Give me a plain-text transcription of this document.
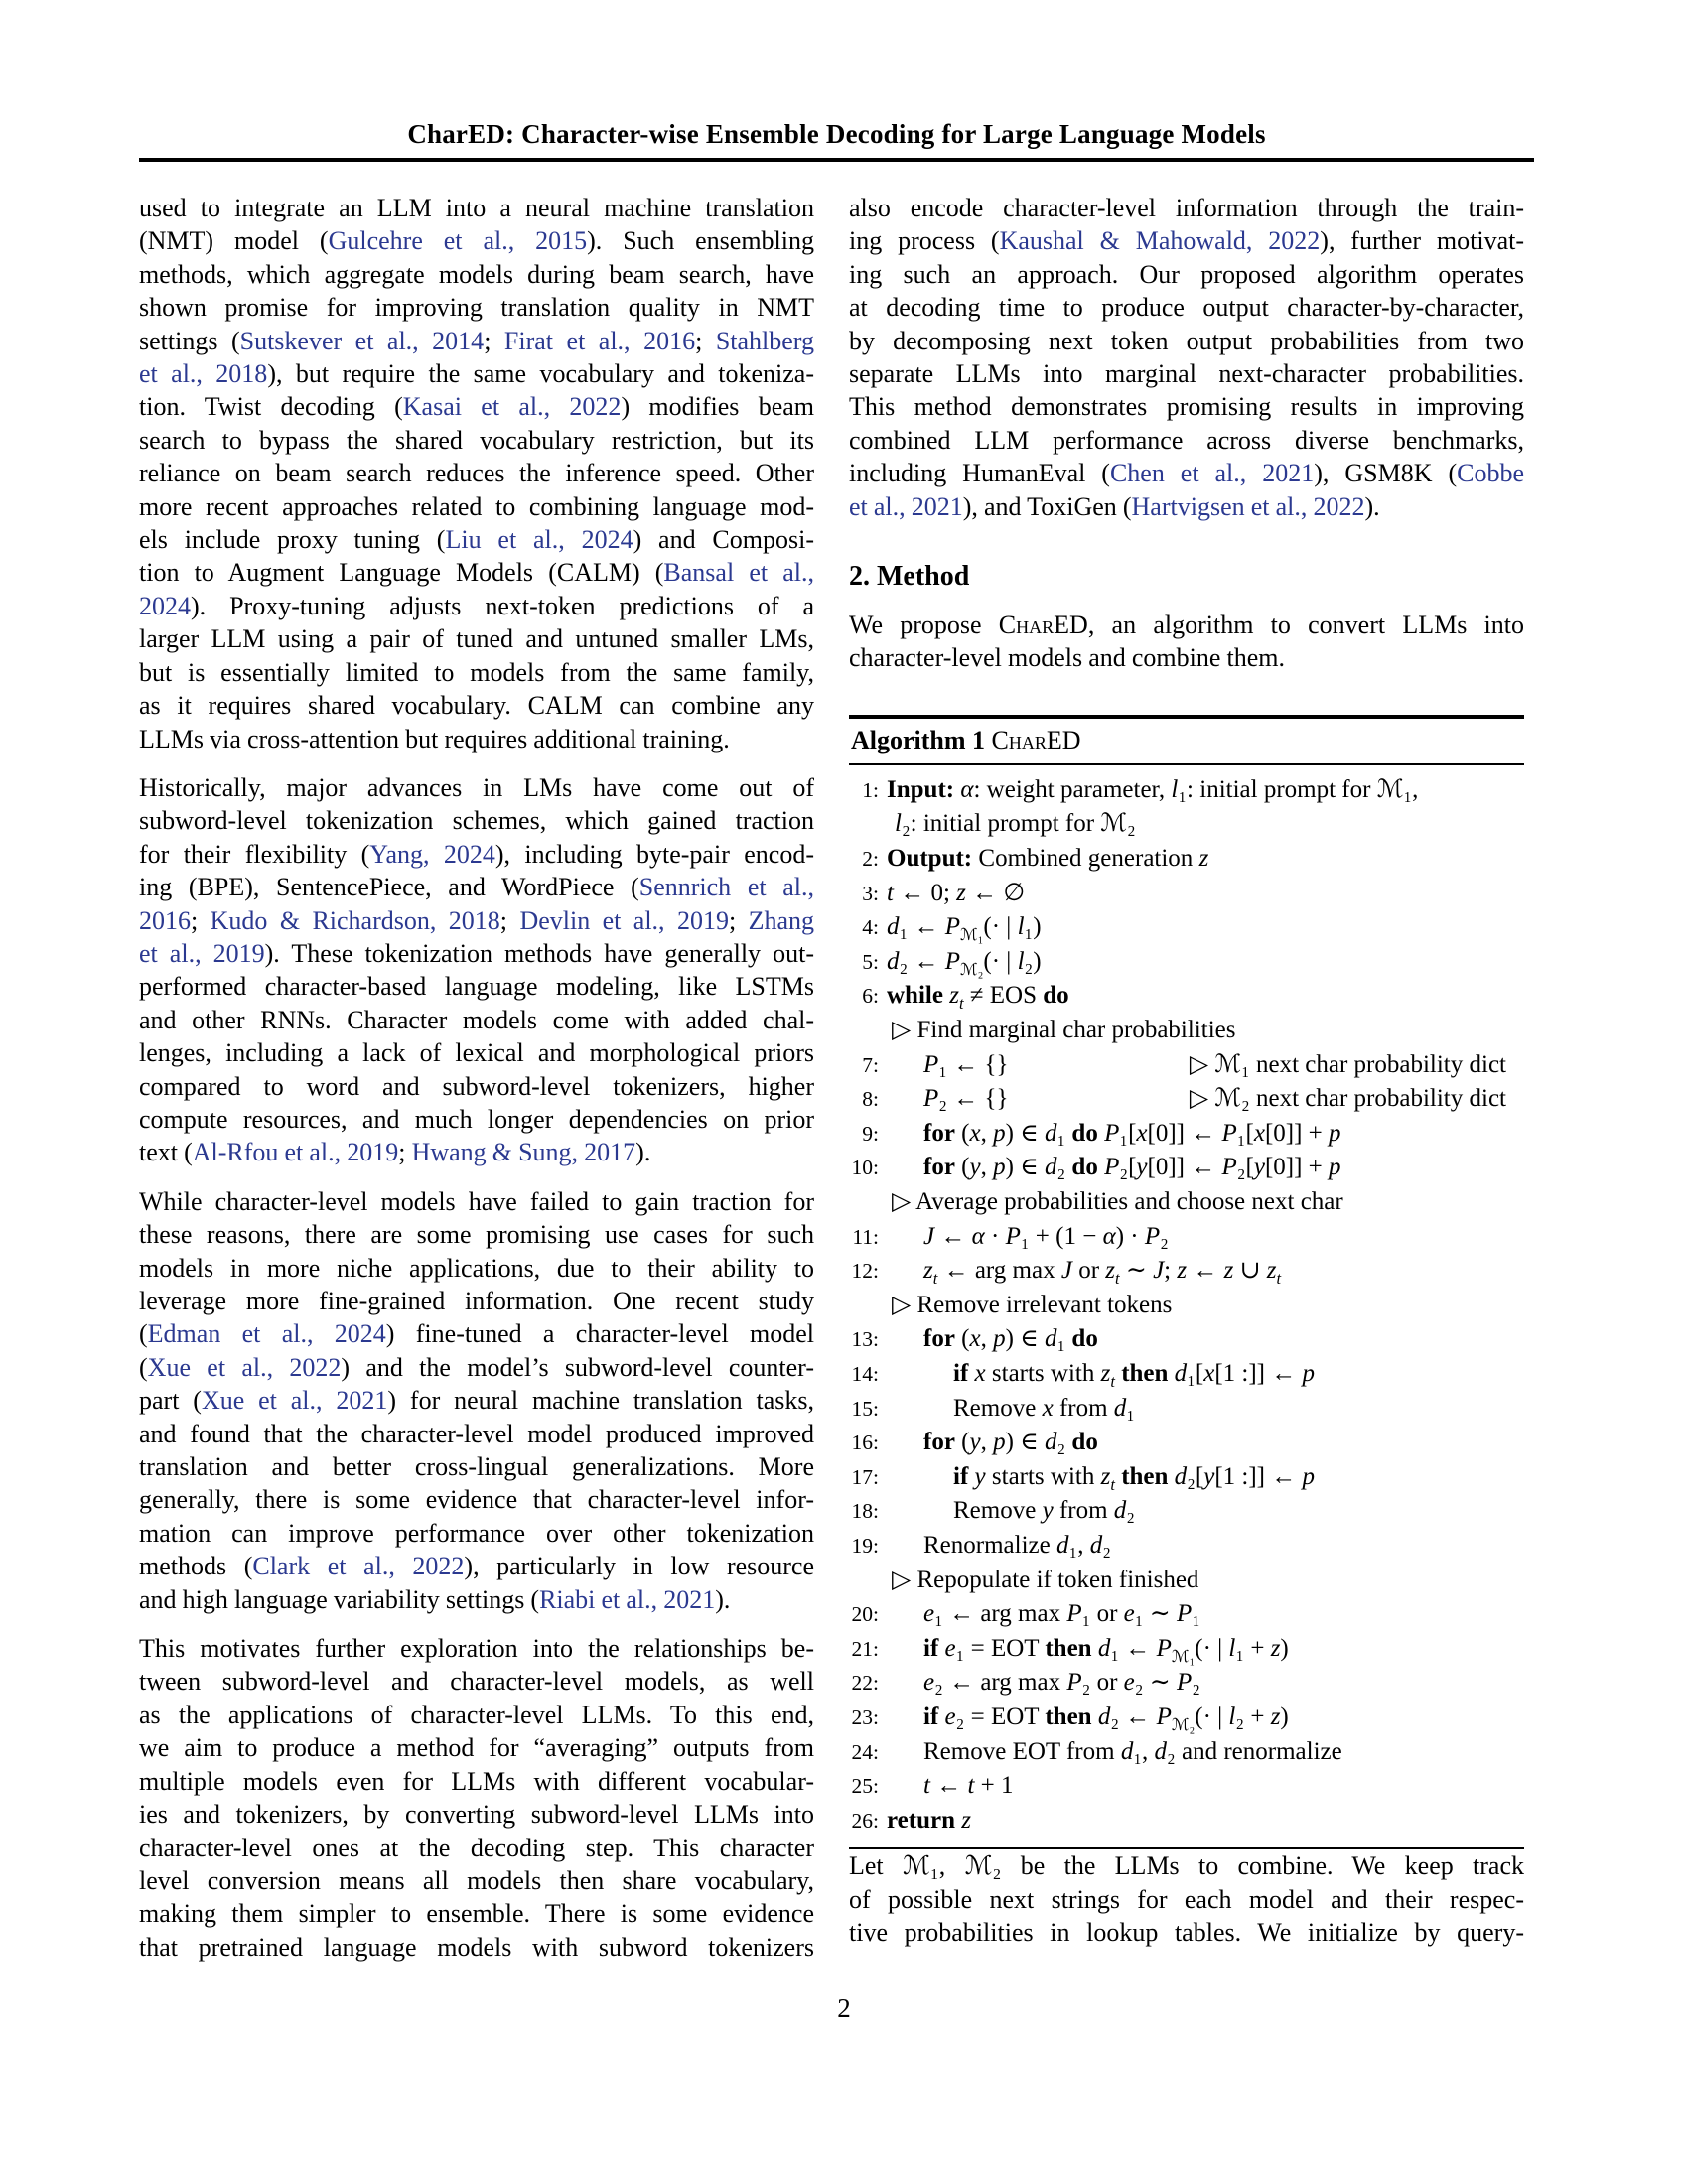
CharED: Character-wise Ensemble Decoding for Large Language Models
used to integrate an LLM into a neural machine translation
(NMT) model (Gulcehre et al., 2015). Such ensembling
methods, which aggregate models during beam search, have
shown promise for improving translation quality in NMT
settings (Sutskever et al., 2014; Firat et al., 2016; Stahlberg
et al., 2018), but require the same vocabulary and tokeniza-
tion. Twist decoding (Kasai et al., 2022) modifies beam
search to bypass the shared vocabulary restriction, but its
reliance on beam search reduces the inference speed. Other
more recent approaches related to combining language mod-
els include proxy tuning (Liu et al., 2024) and Composi-
tion to Augment Language Models (CALM) (Bansal et al.,
2024). Proxy-tuning adjusts next-token predictions of a
larger LLM using a pair of tuned and untuned smaller LMs,
but is essentially limited to models from the same family,
as it requires shared vocabulary. CALM can combine any
LLMs via cross-attention but requires additional training.
Historically, major advances in LMs have come out of
subword-level tokenization schemes, which gained traction
for their flexibility (Yang, 2024), including byte-pair encod-
ing (BPE), SentencePiece, and WordPiece (Sennrich et al.,
2016; Kudo & Richardson, 2018; Devlin et al., 2019; Zhang
et al., 2019). These tokenization methods have generally out-
performed character-based language modeling, like LSTMs
and other RNNs. Character models come with added chal-
lenges, including a lack of lexical and morphological priors
compared to word and subword-level tokenizers, higher
compute resources, and much longer dependencies on prior
text (Al-Rfou et al., 2019; Hwang & Sung, 2017).
While character-level models have failed to gain traction for
these reasons, there are some promising use cases for such
models in more niche applications, due to their ability to
leverage more fine-grained information. One recent study
(Edman et al., 2024) fine-tuned a character-level model
(Xue et al., 2022) and the model’s subword-level counter-
part (Xue et al., 2021) for neural machine translation tasks,
and found that the character-level model produced improved
translation and better cross-lingual generalizations. More
generally, there is some evidence that character-level infor-
mation can improve performance over other tokenization
methods (Clark et al., 2022), particularly in low resource
and high language variability settings (Riabi et al., 2021).
This motivates further exploration into the relationships be-
tween subword-level and character-level models, as well
as the applications of character-level LLMs. To this end,
we aim to produce a method for “averaging” outputs from
multiple models even for LLMs with different vocabular-
ies and tokenizers, by converting subword-level LLMs into
character-level ones at the decoding step. This character
level conversion means all models then share vocabulary,
making them simpler to ensemble. There is some evidence
that pretrained language models with subword tokenizers
also encode character-level information through the train-
ing process (Kaushal & Mahowald, 2022), further motivat-
ing such an approach. Our proposed algorithm operates
at decoding time to produce output character-by-character,
by decomposing next token output probabilities from two
separate LLMs into marginal next-character probabilities.
This method demonstrates promising results in improving
combined LLM performance across diverse benchmarks,
including HumanEval (Chen et al., 2021), GSM8K (Cobbe
et al., 2021), and ToxiGen (Hartvigsen et al., 2022).
2. Method
We propose CharED, an algorithm to convert LLMs into
character-level models and combine them.
Algorithm 1 CharED
1: Input: α: weight parameter, l₁: initial prompt for ℳ₁,
l ₂: initial prompt for ℳ₂
2: Output: Combined generation z
3: t ← 0; z ← ∅
4: d₁ ← $P_{ℳ_1}(\cdot$ | l₁)
5: d₂ ← $P_{ℳ_2}(\cdot$ | l₂)
6: while $z_t$ ≠ EOS do
▷ Find marginal char probabilities
7: P₁ ← {}	▷ ℳ₁ next char probability dict
8: P₂ ← {}	▷ ℳ₂ next char probability dict
9: for (x, p) ∈ d₁ do P₁[x[0]] ← P₁[x[0]] + p
10: for (y, p) ∈ d₂ do P₂[y[0]] ← P₂[y[0]] + p
▷ Average probabilities and choose next char
11: J ← α · P₁ + (1 − α) · P₂
12: $z_t$ ← arg max J or $z_t$ ∼ J; z ← z ∪ $z_t$
▷ Remove irrelevant tokens
13: for (x, p) ∈ d₁ do
14:	if x starts with $z_t$ then d₁[x[1 :]] ← p
15:	Remove x from d₁
16: for (y, p) ∈ d₂ do
17:	if y starts with $z_t$ then d₂[y[1 :]] ← p
18:	Remove y from d₂
19: Renormalize d₁, d₂
▷ Repopulate if token finished
20: e₁ ← arg max P₁ or e₁ ∼ P₁
21: if e₁ = EOT then d₁ ← $P_{ℳ_1}(\cdot$ | l₁ + z)
22: e₂ ← arg max P₂ or e₂ ∼ P₂
23: if e₂ = EOT then d₂ ← $P_{ℳ_2}(\cdot$ | l₂ + z)
24: Remove EOT from d₁, d₂ and renormalize
25: t ← t + 1
26: return z
Let ℳ₁, ℳ₂ be the LLMs to combine. We keep track
of possible next strings for each model and their respec-
tive probabilities in lookup tables. We initialize by query-
2
